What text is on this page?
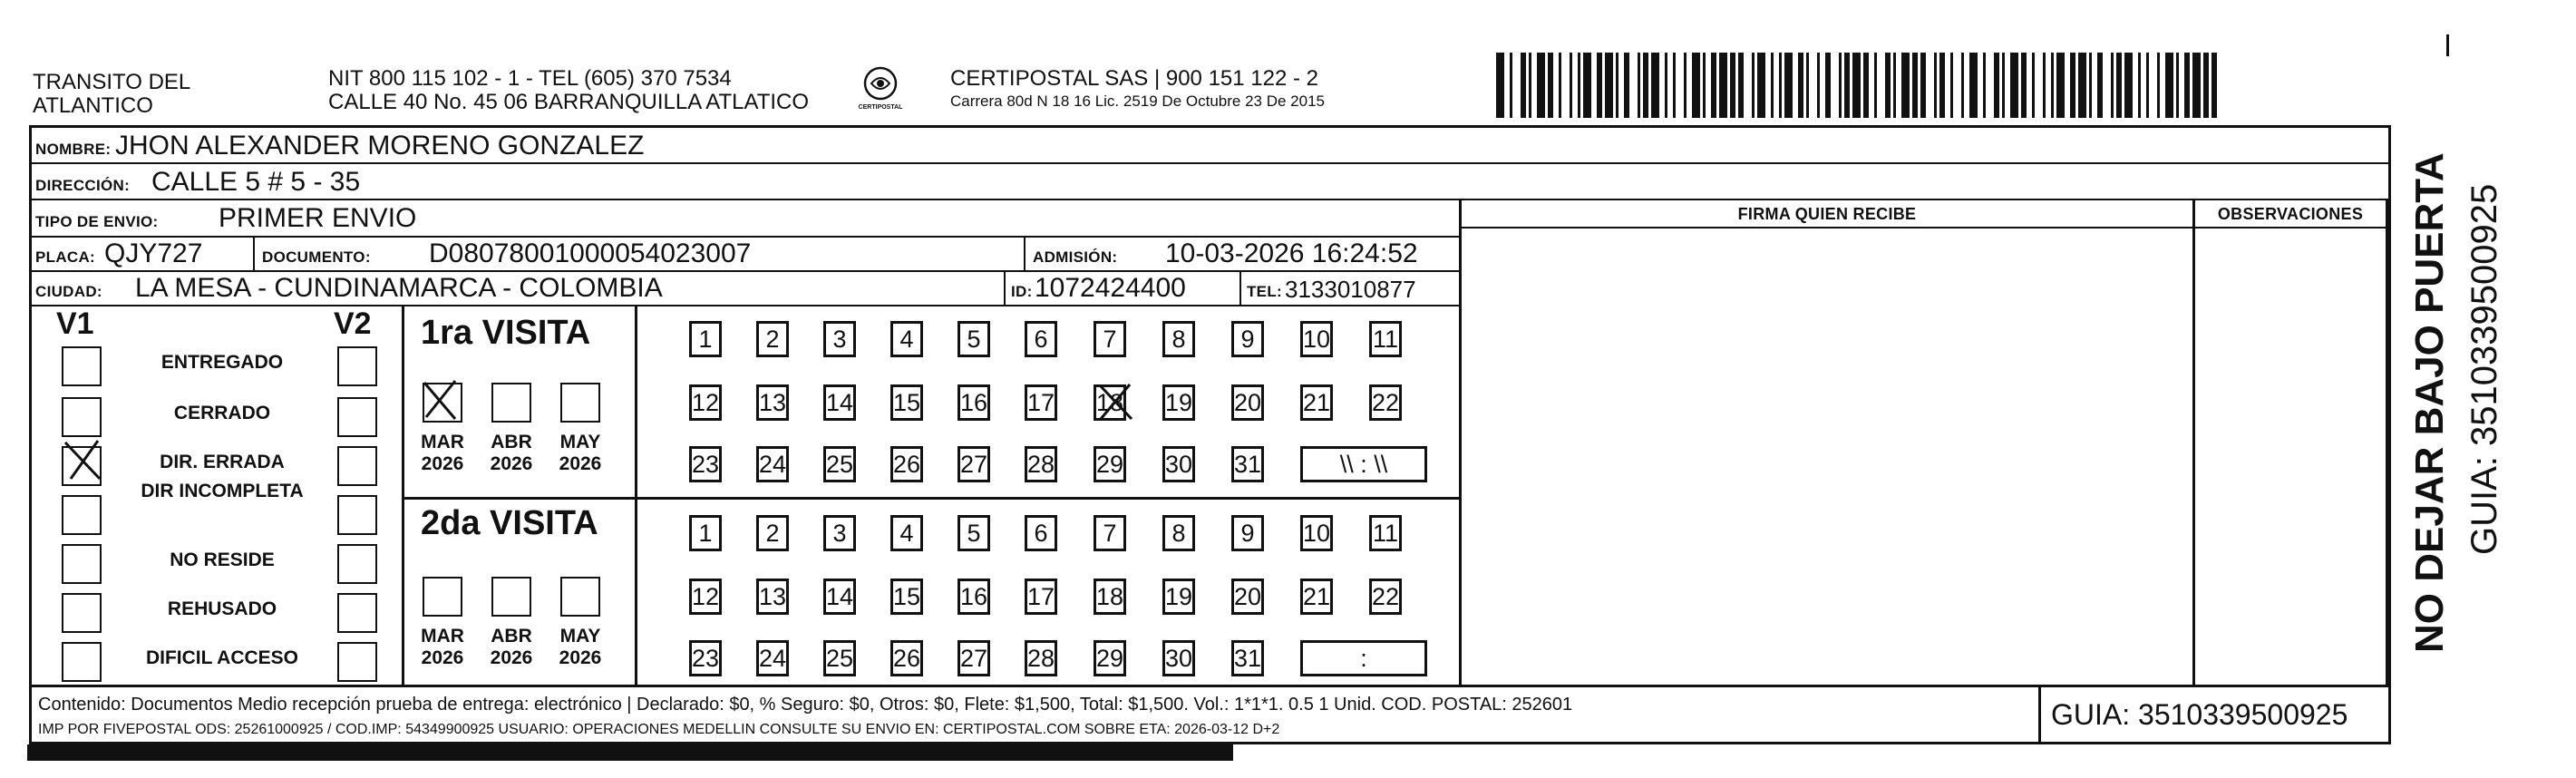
TRANSITO DEL
ATLANTICO
NIT 800 115 102 - 1 - TEL (605) 370 7534
CALLE 40 No. 45 06 BARRANQUILLA ATLATICO	CERTIPOSTAL
CERTIPOSTAL SAS | 900 151 122 - 2
Carrera 80d N 18 16 Lic. 2519 De Octubre 23 De 2015
NOMBRE: JHON ALEXANDER MORENO GONZALEZ
DIRECCIÓN: CALLE 5 # 5 - 35
TIPO DE ENVIO: PRIMER ENVIO	FIRMA QUIEN RECIBE	OBSERVACIONES
PLACA: QJY727	DOCUMENTO: D08078001000054023007	ADMISIÓN: 10-03-2026 16:24:52
CIUDAD: LA MESA - CUNDINAMARCA - COLOMBIA	ID: 1072424400	TEL: 3133010877
V1	V2
ENTREGADO
CERRADO
DIR. ERRADA
DIR INCOMPLETA
NO RESIDE
REHUSADO
DIFICIL ACCESO
1ra VISITA
2da VISITA
MAR
2026
ABR
2026
MAY
2026
1	2	3	4	5	6	7	8	9	10 11
12 13 14 15 16 17 18 19 20 21 22
23 24 25 26 27 28 29 30 31	\\ : \\
MAR
2026
ABR
2026
MAY
2026
1	2	3	4	5	6	7	8	9	10 11
12 13 14 15 16 17 18 19 20 21 22
23 24 25 26 27 28 29 30 31	:
Contenido: Documentos Medio recepción prueba de entrega: electrónico | Declarado: $0, % Seguro: $0, Otros: $0, Flete: $1,500, Total: $1,500. Vol.: 1*1*1. 0.5 1 Unid. COD. POSTAL: 252601
IMP POR FIVEPOSTAL ODS: 25261000925 / COD.IMP: 54349900925 USUARIO: OPERACIONES MEDELLIN CONSULTE SU ENVIO EN: CERTIPOSTAL.COM SOBRE ETA: 2026-03-12 D+2	GUIA: 3510339500925
NO DEJAR BAJO PUERTA GUIA: 3510339500925
